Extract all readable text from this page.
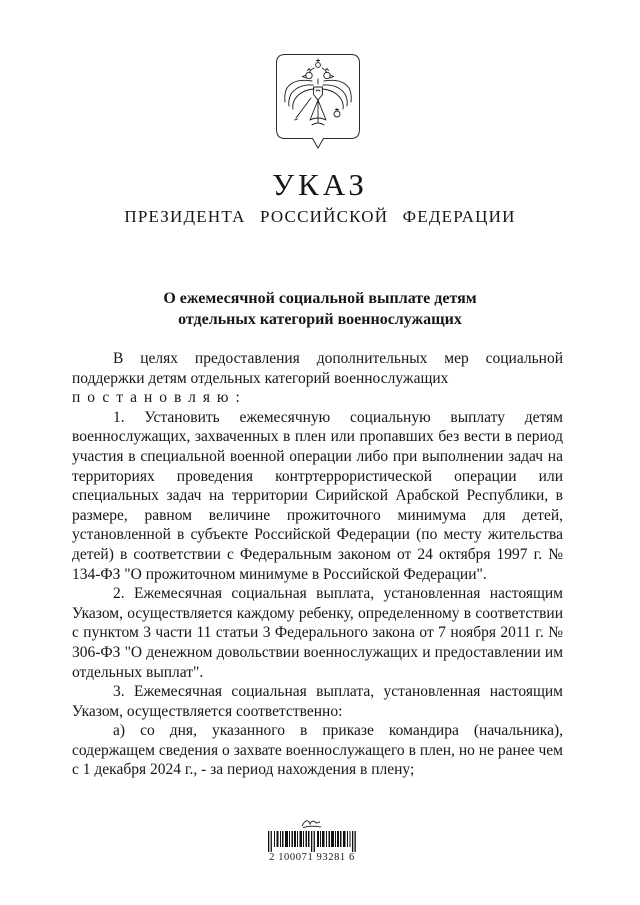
УКАЗ
ПРЕЗИДЕНТА РОССИЙСКОЙ ФЕДЕРАЦИИ
О ежемесячной социальной выплате детям
отдельных категорий военнослужащих

В целях предоставления дополнительных мер социальной поддержки детям отдельных категорий военнослужащих

постановляю:

1. Установить ежемесячную социальную выплату детям военнослужащих, захваченных в плен или пропавших без вести в период участия в специальной военной операции либо при выполнении задач на территориях проведения контртеррористической операции или специальных задач на территории Сирийской Арабской Республики, в размере, равном величине прожиточного минимума для детей, установленной в субъекте Российской Федерации (по месту жительства детей) в соответствии с Федеральным законом от 24 октября 1997 г. № 134-ФЗ "О прожиточном минимуме в Российской Федерации".

2. Ежемесячная социальная выплата, установленная настоящим Указом, осуществляется каждому ребенку, определенному в соответствии с пунктом 3 части 11 статьи 3 Федерального закона от 7 ноября 2011 г. № 306-ФЗ "О денежном довольствии военнослужащих и предоставлении им отдельных выплат".

3. Ежемесячная социальная выплата, установленная настоящим Указом, осуществляется соответственно:

а) со дня, указанного в приказе командира (начальника), содержащем сведения о захвате военнослужащего в плен, но не ранее чем с 1 декабря 2024 г., - за период нахождения в плену;

2 100071 93281 6
